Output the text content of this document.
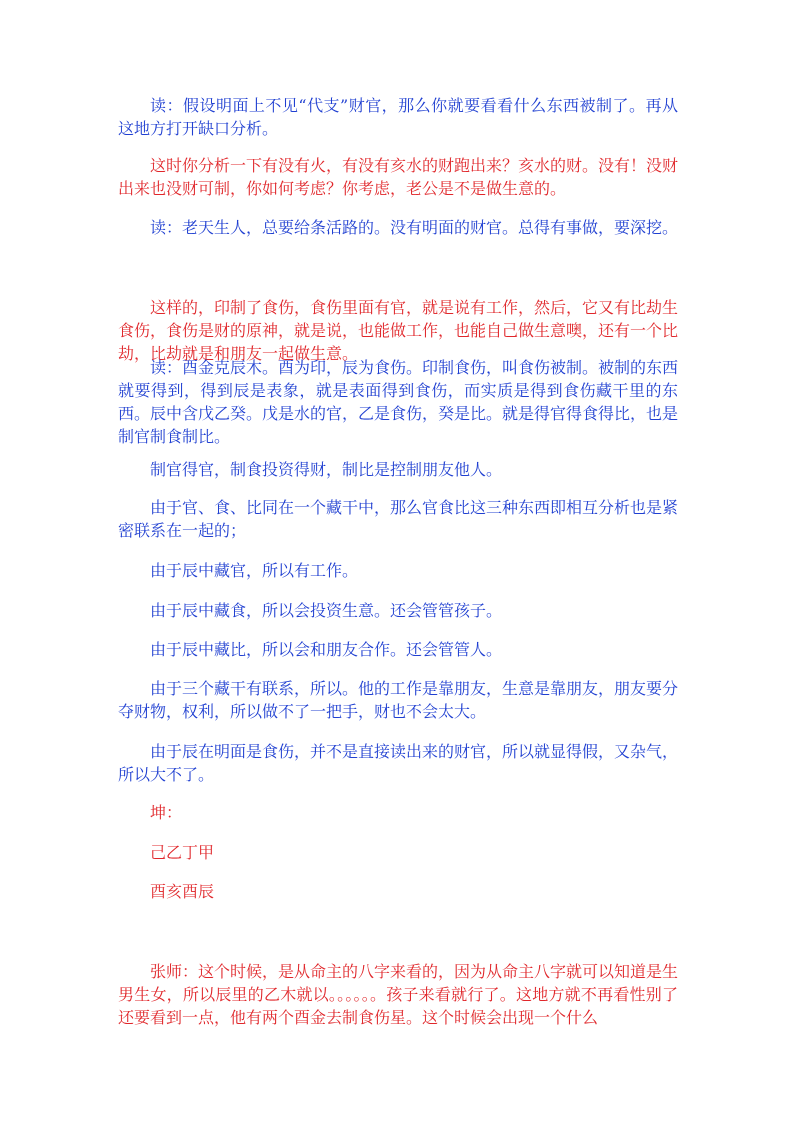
读：假设明面上不见“代支”财官，那么你就要看看什么东西被制了。再从这地方打开缺口分析。

这时你分析一下有没有火，有没有亥水的财跑出来？亥水的财。没有！没财出来也没财可制，你如何考虑？你考虑，老公是不是做生意的。

读：老天生人，总要给条活路的。没有明面的财官。总得有事做，要深挖。

这样的，印制了食伤，食伤里面有官，就是说有工作，然后，它又有比劫生食伤，食伤是财的原神，就是说，也能做工作，也能自己做生意噢，还有一个比劫，比劫就是和朋友一起做生意。

读：酉金克辰木。酉为印，辰为食伤。印制食伤，叫食伤被制。被制的东西就要得到，得到辰是表象，就是表面得到食伤，而实质是得到食伤藏干里的东西。辰中含戊乙癸。戊是水的官，乙是食伤，癸是比。就是得官得食得比，也是制官制食制比。

制官得官，制食投资得财，制比是控制朋友他人。

由于官、食、比同在一个藏干中，那么官食比这三种东西即相互分析也是紧密联系在一起的；

由于辰中藏官，所以有工作。

由于辰中藏食，所以会投资生意。还会管管孩子。

由于辰中藏比，所以会和朋友合作。还会管管人。

由于三个藏干有联系，所以。他的工作是靠朋友，生意是靠朋友，朋友要分夺财物，权利，所以做不了一把手，财也不会太大。

由于辰在明面是食伤，并不是直接读出来的财官，所以就显得假，又杂气，所以大不了。

坤：

己乙丁甲

酉亥酉辰

张师：这个时候，是从命主的八字来看的，因为从命主八字就可以知道是生男生女，所以辰里的乙木就以。。。。。。孩子来看就行了。这地方就不再看性别了还要看到一点，他有两个酉金去制食伤星。这个时候会出现一个什么
